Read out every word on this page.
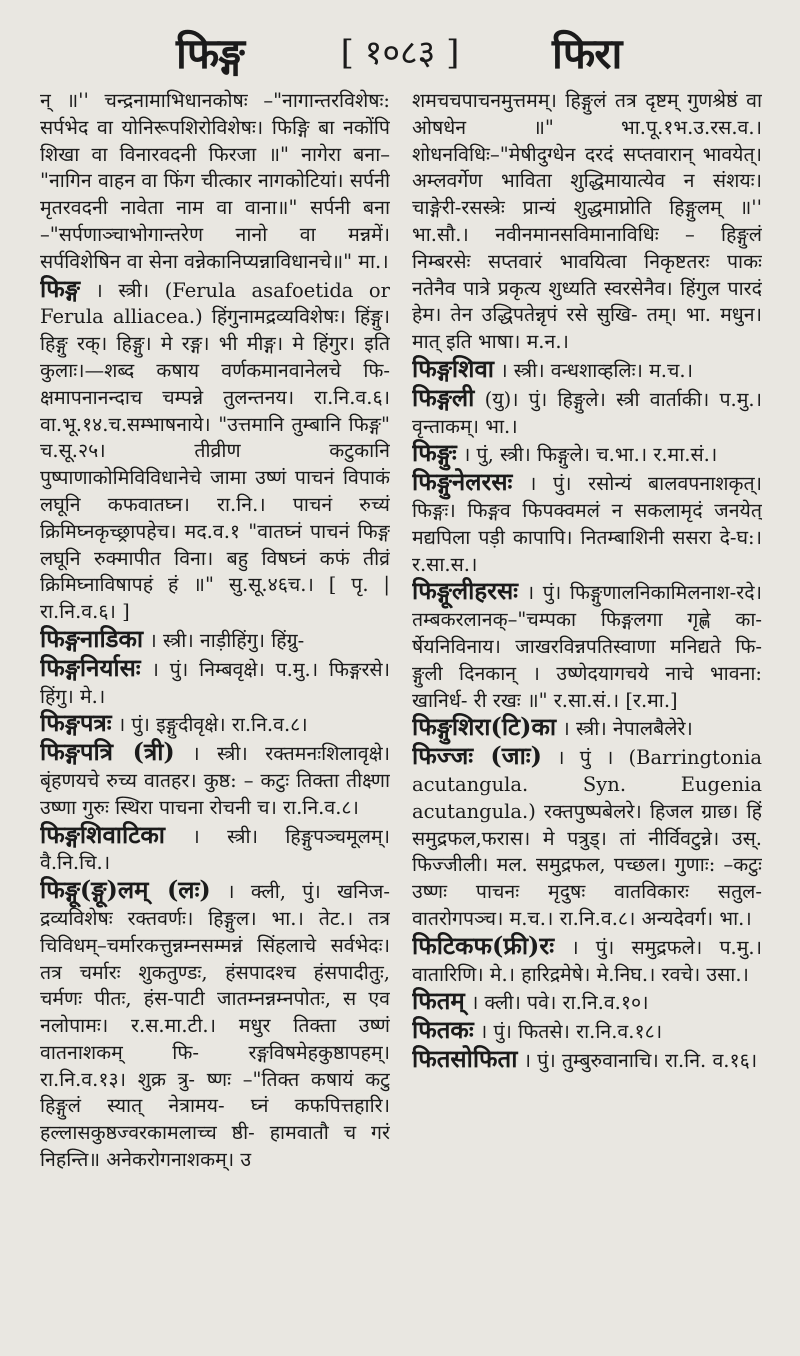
फिङ्ग	[ १०८३ ]	फिरा

न् ॥'' चन्द्रनामाभिधानकोषः –"नागान्तरविशेषः: सर्पभेद वा योनिरूपशिरोविशेषः। फिङ्गि बा नकोंपि शिखा वा विनारवदनी फिरजा ॥" नागेरा बना– "नागिन वाहन वा फिंग चीत्कार नागकोटियां। सर्पनी मृतरवदनी नावेता नाम वा वाना॥" सर्पनी बना –"सर्पणाञ्चाभोगान्तरेण नानो वा मन्नमें। सर्पविशेषिन वा सेना वन्नेकानिप्यन्नाविधानचे॥" मा.।

फिङ्ग । स्त्री। (Ferula asafoetida or Ferula alliacea.) हिंगुनामद्रव्यविशेषः। हिंङ्गु। हिङ्गु रक्। हिङ्गु। मे रङ्ग। भी मीङ्ग। मे हिंगुर। इति कुलाः।—शब्द कषाय वर्णकमानवानेलचे फि- क्षमापनानन्दाच चम्पन्ने तुलन्तनय। रा.नि.व.६। वा.भू.१४.च.सम्भाषनाये। "उत्तमानि तुम्बानि फिङ्ग" च.सू.२५। तीव्रीण कटुकानि पुष्पाणाकोमिविविधानेचे जामा उष्णं पाचनं विपाकं लघूनि कफवातघ्न। रा.नि.। पाचनं रुच्यं क्रिमिघ्नकृच्छ्रापहेच। मद.व.१ "वातघ्नं पाचनं फिङ्ग लघूनि रुक्मापीत विना। बहु विषघ्नं कफं तीव्रं क्रिमिघ्नाविषापहं हं ॥" सु.सू.४६च.। [ पृ. | रा.नि.व.६। ]

फिङ्गनाडिका । स्त्री। नाड़ीहिंगु। हिंग्रु-

फिङ्गनिर्यासः । पुं। निम्बवृक्षे। प.मु.। फिङ्गरसे। हिंगु। मे.।

फिङ्गपत्रः । पुं। इङ्गुदीवृक्षे। रा.नि.व.८।

फिङ्गपत्रि (त्री) । स्त्री। रक्तमनःशिलावृक्षे। बृंहणयचे रुच्य वातहर। कुष्ठ: – कटुः तिक्ता तीक्ष्णा उष्णा गुरुः स्थिरा पाचना रोचनी च। रा.नि.व.८।

फिङ्गशिवाटिका । स्त्री। हिङ्गुपञ्चमूलम्। वै.नि.चि.।

फिङ्गू(ङ्गू)लम् (लः) । क्ली, पुं। खनिज-द्रव्यविशेषः रक्तवर्णः। हिङ्गुल। भा.। तेट.। तत्र चिविधम्–चर्मारकत्तुन्नम्नसम्मन्नं सिंहलाचे सर्वभेदः। तत्र चर्मारः शुकतुण्डः, हंसपादश्च हंसपादीतुः, चर्मणः पीतः, हंस-पाटी जातम्नन्नम्नपोतः, स एव नलोपामः। र.स.मा.टी.। मधुर तिक्ता उष्णं वातनाशकम् फि- रङ्गविषमेहकुष्ठापहम्। रा.नि.व.१३। शुक्र त्रु- ष्णः –"तिक्त कषायं कटु हिङ्गुलं स्यात् नेत्रामय- घ्नं कफपित्तहारि। हल्लासकुष्ठज्वरकामलाच्च ष्ठी- हामवातौ च गरं निहन्ति॥ अनेकरोगनाशकम्। उ

शमचचपाचनमुत्तमम्। हिङ्गुलं तत्र दृष्टम् गुणश्रेष्ठं वा ओषधेन ॥" भा.पू.१भ.उ.रस.व.। शोधनविधिः–"मेषीदुग्धेन दरदं सप्तवारान् भावयेत्। अम्लवर्गेण भाविता शुद्धिमायात्येव न संशयः। चाङ्गेरी-रसस्त्रेः प्रान्यं शुद्धमाप्नोति हिङ्गुलम् ॥'' भा.सौ.। नवीनमानसविमानाविधिः – हिङ्गुलं निम्बरसेः सप्तवारं भावयित्वा निकृष्टतरः पाकः नतेनैव पात्रे प्रकृत्य शुध्यति स्वरसेनैव। हिंगुल पारदं हेम। तेन उद्धिपतेन्नृपं रसे सुखि- तम्। भा. मधुन। मात् इति भाषा। म.न.।

फिङ्गशिवा । स्त्री। वन्धशाव्हलिः। म.च.।

फिङ्गली (यु)। पुं। हिङ्गुले। स्त्री वार्ताकी। प.मु.। वृन्ताकम्। भा.।

फिङ्गुः । पुं, स्त्री। फिङ्गुले। च.भा.। र.मा.सं.।

फिङ्गुनेलरसः । पुं। रसोन्यं बालवपनाशकृत्। फिङ्गः। फिङ्गव फिपक्वमलं न सकलामृदं जनयेत् मद्यपिला पड़ी कापापि। नितम्बाशिनी ससरा दे-घ:। र.सा.स.।

फिङ्गूलीहरसः । पुं। फिङ्गुणालनिकामिलनाश-रदे। तम्बकरलानक्–"चम्पका फिङ्गलगा गृह्णे का-र्षेयनिविनाय। जाखरविन्नपतिस्वाणा मनिद्यते फि- ङ्गुली दिनकान् । उष्णेदयागचये नाचे भावना: खानिर्ध- री रखः ॥" र.सा.सं.। [र.मा.]

फिङ्गुशिरा(टि)का । स्त्री। नेपालबैलेरे।

फिज्जः (जाः) । पुं । (Barringtonia acutangula. Syn. Eugenia acutangula.) रक्तपुष्पबेलरे। हिजल ग्राछ। हिं समुद्रफल,फरास। मे पत्रुड्। तां नीर्विवटुन्ने। उस्. फिज्जीली। मल. समुद्रफल, पच्छल। गुणाः: –कटुः उष्णः पाचनः मृदुषः वातविकारः सतुल-वातरोगपञ्च। म.च.। रा.नि.व.८। अन्यदेवर्ग। भा.।

फिटिकफ(फ्री)रः । पुं। समुद्रफले। प.मु.। वातारिणि। मे.। हारिद्रमेषे। मे.निघ.। रवचे। उसा.।

फितम् । क्ली। पवे। रा.नि.व.१०।

फितकः । पुं। फितसे। रा.नि.व.१८।

फितसोफिता । पुं। तुम्बुरुवानाचि। रा.नि. व.१६।
